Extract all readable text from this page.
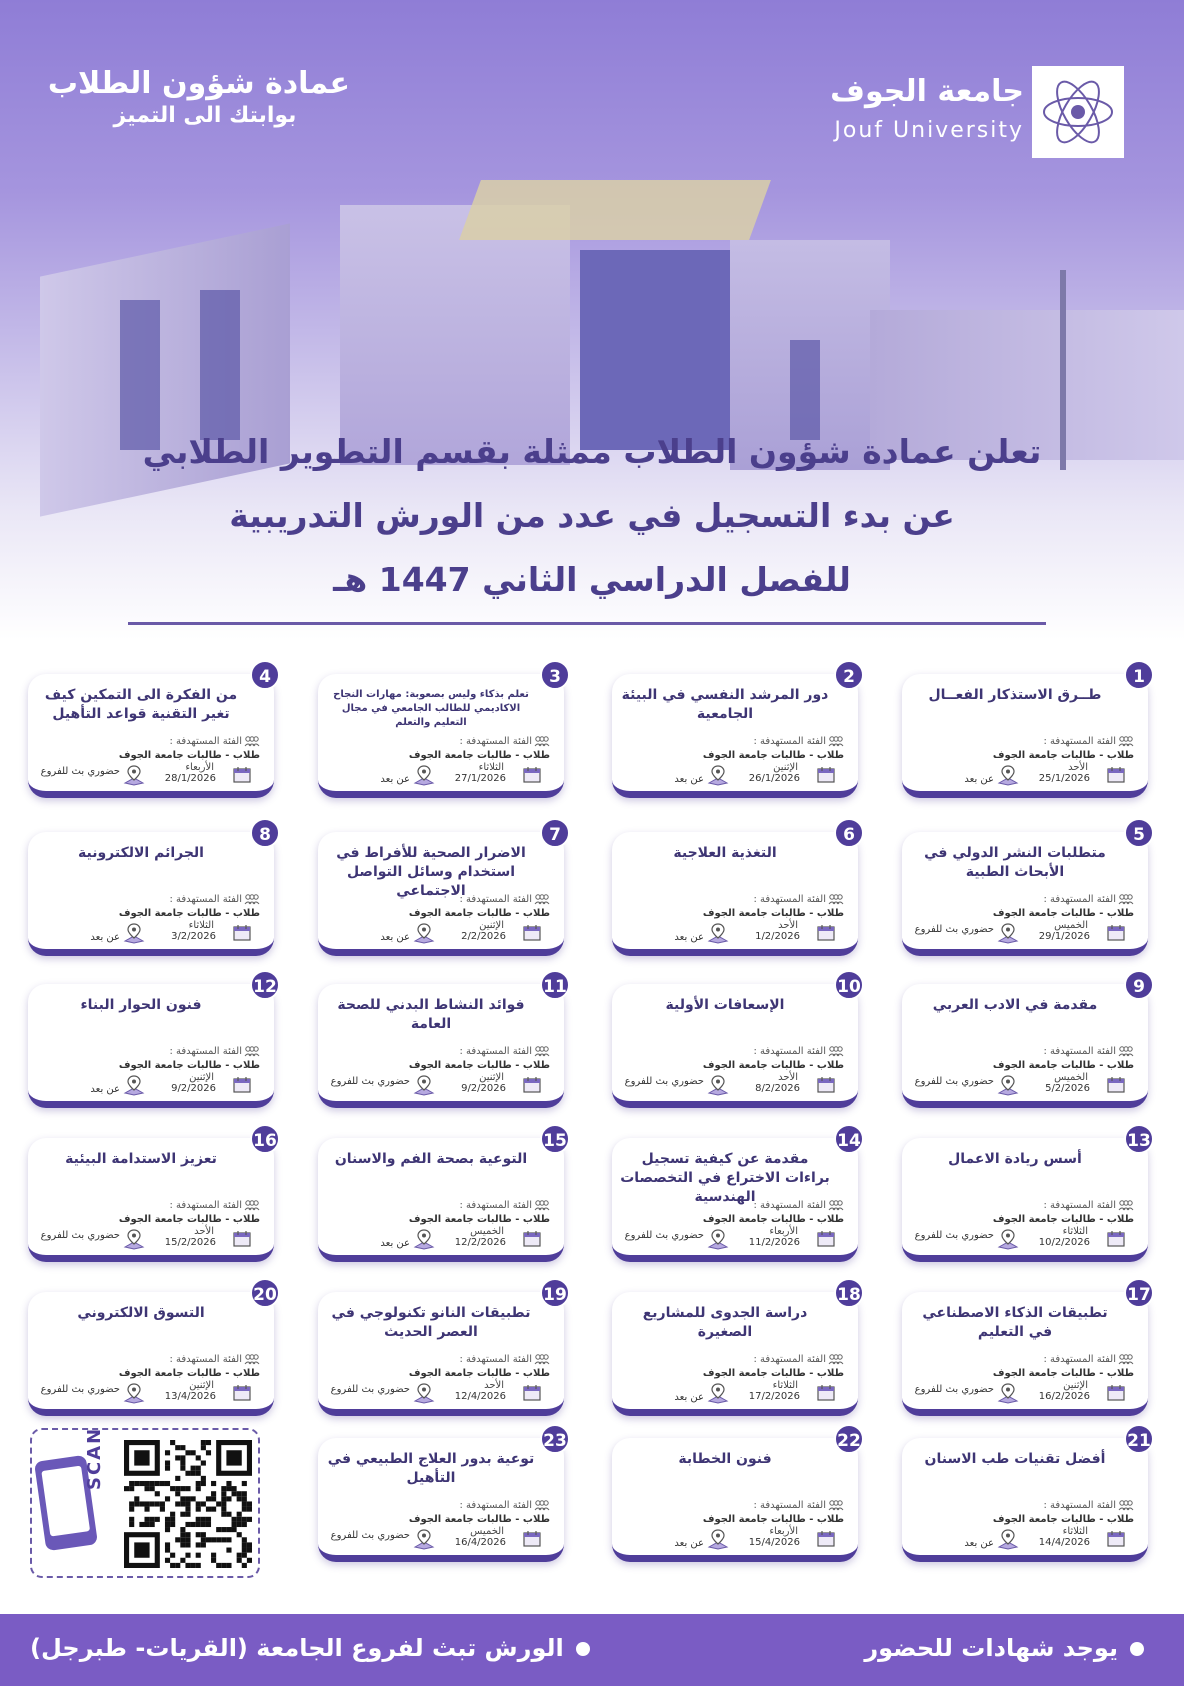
جامعة الجوف
Jouf University
عمادة شؤون الطلاب
بوابتك الى التميز
تعلن عمادة شؤون الطلاب ممثلة بقسم التطوير الطلابي
عن بدء التسجيل في عدد من الورش التدريبية
للفصل الدراسي الثاني 1447 هـ
1
طــرق الاستذكار الفعــال
الفئة المستهدفة :
طلاب - طالبات جامعة الجوف
الأحد
25/1/2026
عن بعد
2
دور المرشد النفسي في البيئة الجامعية
الفئة المستهدفة :
طلاب - طالبات جامعة الجوف
الإثنين
26/1/2026
عن بعد
3
تعلم بذكاء وليس بصعوبة: مهارات النجاح الاكاديمي للطالب الجامعي في مجال التعليم والتعلم
الفئة المستهدفة :
طلاب - طالبات جامعة الجوف
الثلاثاء
27/1/2026
عن بعد
4
من الفكرة الى التمكين كيف تغير التقنية قواعد التأهيل
الفئة المستهدفة :
طلاب - طالبات جامعة الجوف
الأربعاء
28/1/2026
حضوري بث للفروع
5
متطلبات النشر الدولي في الأبحاث الطبية
الفئة المستهدفة :
طلاب - طالبات جامعة الجوف
الخميس
29/1/2026
حضوري بث للفروع
6
التغذية العلاجية
الفئة المستهدفة :
طلاب - طالبات جامعة الجوف
الأحد
1/2/2026
عن بعد
7
الاضرار الصحية للأفراط في استخدام وسائل التواصل الاجتماعي
الفئة المستهدفة :
طلاب - طالبات جامعة الجوف
الإثنين
2/2/2026
عن بعد
8
الجرائم الالكترونية
الفئة المستهدفة :
طلاب - طالبات جامعة الجوف
الثلاثاء
3/2/2026
عن بعد
9
مقدمة في الادب العربي
الفئة المستهدفة :
طلاب - طالبات جامعة الجوف
الخميس
5/2/2026
حضوري بث للفروع
10
الإسعافات الأولية
الفئة المستهدفة :
طلاب - طالبات جامعة الجوف
الأحد
8/2/2026
حضوري بث للفروع
11
فوائد النشاط البدني للصحة العامة
الفئة المستهدفة :
طلاب - طالبات جامعة الجوف
الإثنين
9/2/2026
حضوري بث للفروع
12
فنون الحوار البناء
الفئة المستهدفة :
طلاب - طالبات جامعة الجوف
الإثنين
9/2/2026
عن بعد
13
أسس ريادة الاعمال
الفئة المستهدفة :
طلاب - طالبات جامعة الجوف
الثلاثاء
10/2/2026
حضوري بث للفروع
14
مقدمة عن كيفية تسجيل براءات الاختراع في التخصصات الهندسية
الفئة المستهدفة :
طلاب - طالبات جامعة الجوف
الأربعاء
11/2/2026
حضوري بث للفروع
15
التوعية بصحة الفم والاسنان
الفئة المستهدفة :
طلاب - طالبات جامعة الجوف
الخميس
12/2/2026
عن بعد
16
تعزيز الاستدامة البيئية
الفئة المستهدفة :
طلاب - طالبات جامعة الجوف
الأحد
15/2/2026
حضوري بث للفروع
17
تطبيقات الذكاء الاصطناعي في التعليم
الفئة المستهدفة :
طلاب - طالبات جامعة الجوف
الإثنين
16/2/2026
حضوري بث للفروع
18
دراسة الجدوى للمشاريع الصغيرة
الفئة المستهدفة :
طلاب - طالبات جامعة الجوف
الثلاثاء
17/2/2026
عن بعد
19
تطبيقات النانو تكنولوجي في العصر الحديث
الفئة المستهدفة :
طلاب - طالبات جامعة الجوف
الأحد
12/4/2026
حضوري بث للفروع
20
التسوق الالكتروني
الفئة المستهدفة :
طلاب - طالبات جامعة الجوف
الإثنين
13/4/2026
حضوري بث للفروع
21
أفضل تقنيات طب الاسنان
الفئة المستهدفة :
طلاب - طالبات جامعة الجوف
الثلاثاء
14/4/2026
عن بعد
22
فنون الخطابة
الفئة المستهدفة :
طلاب - طالبات جامعة الجوف
الأربعاء
15/4/2026
عن بعد
23
توعية بدور العلاج الطبيعي في التأهيل
الفئة المستهدفة :
طلاب - طالبات جامعة الجوف
الخميس
16/4/2026
حضوري بث للفروع
SCAN
يوجد شهادات للحضور
الورش تبث لفروع الجامعة (القريات- طبرجل)
